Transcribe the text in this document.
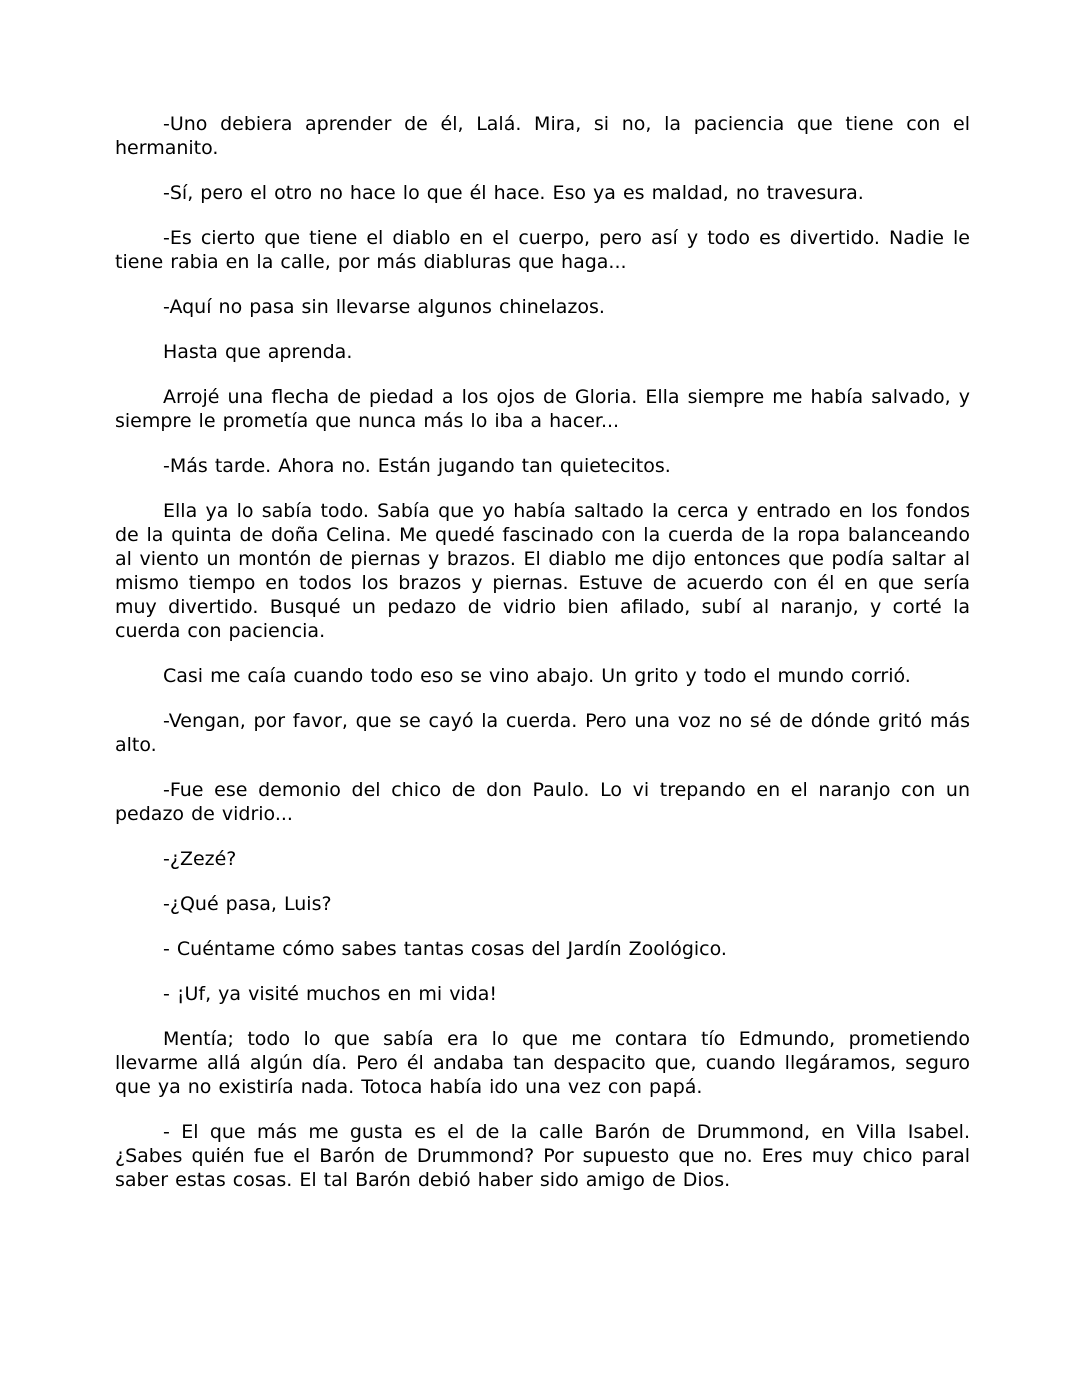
-Uno debiera aprender de él, Lalá. Mira, si no, la paciencia que tiene con el hermanito.

-Sí, pero el otro no hace lo que él hace. Eso ya es maldad, no travesura.

-Es cierto que tiene el diablo en el cuerpo, pero así y todo es divertido. Nadie le tiene rabia en la calle, por más diabluras que haga...

-Aquí no pasa sin llevarse algunos chinelazos.

Hasta que aprenda.

Arrojé una flecha de piedad a los ojos de Gloria. Ella siempre me había salvado, y siempre le prometía que nunca más lo iba a hacer...

-Más tarde. Ahora no. Están jugando tan quietecitos.

Ella ya lo sabía todo. Sabía que yo había saltado la cerca y entrado en los fondos de la quinta de doña Celina. Me quedé fascinado con la cuerda de la ropa balanceando al viento un montón de piernas y brazos. El diablo me dijo entonces que podía saltar al mismo tiempo en todos los brazos y piernas. Estuve de acuerdo con él en que sería muy divertido. Busqué un pedazo de vidrio bien afilado, subí al naranjo, y corté la cuerda con paciencia.

Casi me caía cuando todo eso se vino abajo. Un grito y todo el mundo corrió.

-Vengan, por favor, que se cayó la cuerda. Pero una voz no sé de dónde gritó más alto.

-Fue ese demonio del chico de don Paulo. Lo vi trepando en el naranjo con un pedazo de vidrio...

-¿Zezé?

-¿Qué pasa, Luis?

- Cuéntame cómo sabes tantas cosas del Jardín Zoológico.

- ¡Uf, ya visité muchos en mi vida!

Mentía; todo lo que sabía era lo que me contara tío Edmundo, prometiendo llevarme allá algún día. Pero él andaba tan despacito que, cuando llegáramos, seguro que ya no existiría nada. Totoca había ido una vez con papá.

- El que más me gusta es el de la calle Barón de Drummond, en Villa Isabel. ¿Sabes quién fue el Barón de Drummond? Por supuesto que no. Eres muy chico paral saber estas cosas. El tal Barón debió haber sido amigo de Dios.
